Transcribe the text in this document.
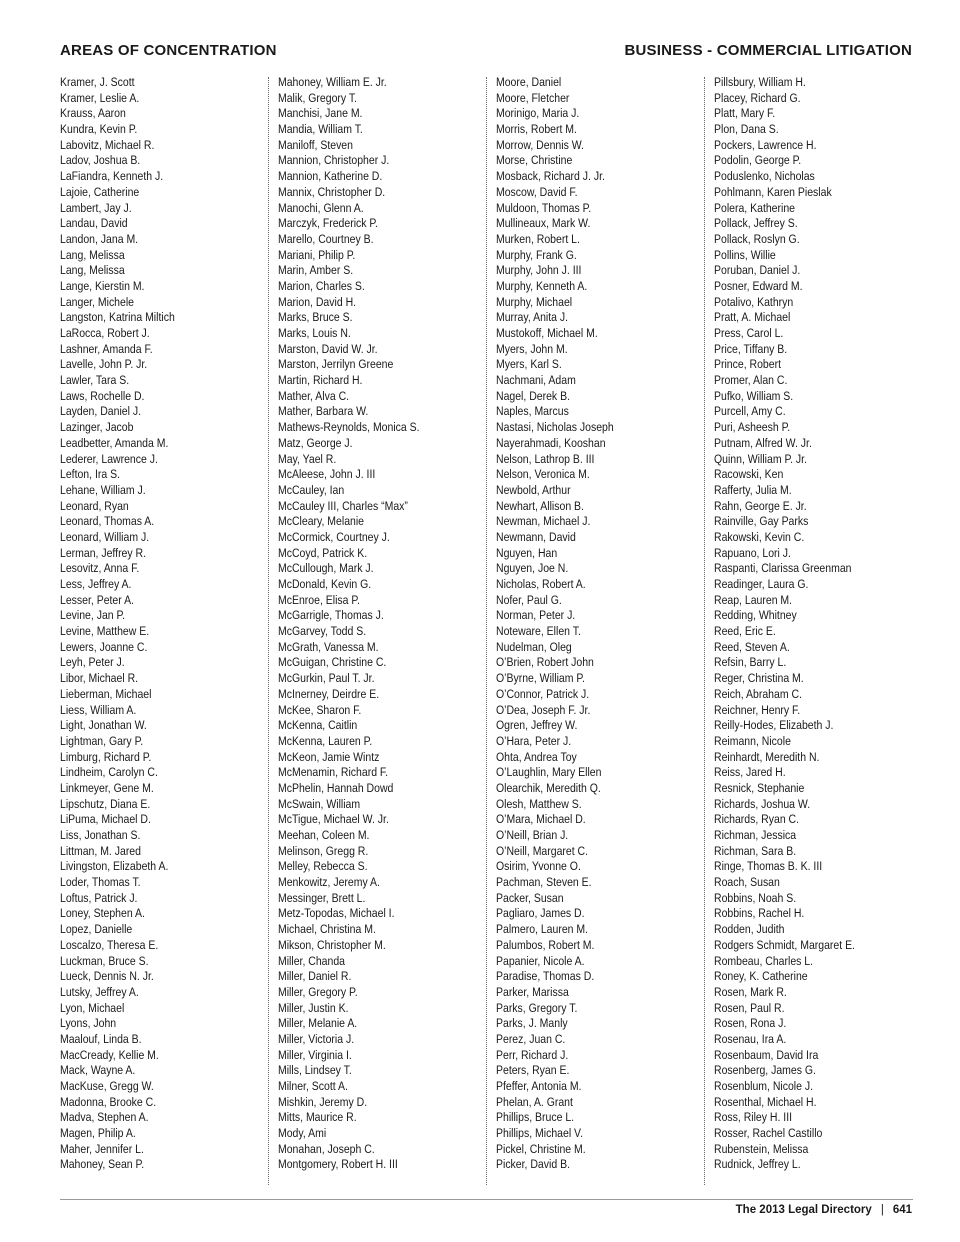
AREAS OF CONCENTRATION	BUSINESS - COMMERCIAL LITIGATION
Kramer, J. Scott
Kramer, Leslie A.
Krauss, Aaron
Kundra, Kevin P.
Labovitz, Michael R.
Ladov, Joshua B.
LaFiandra, Kenneth J.
Lajoie, Catherine
Lambert, Jay J.
Landau, David
Landon, Jana M.
Lang, Melissa
Lang, Melissa
Lange, Kierstin M.
Langer, Michele
Langston, Katrina Miltich
LaRocca, Robert J.
Lashner, Amanda F.
Lavelle, John P. Jr.
Lawler, Tara S.
Laws, Rochelle D.
Layden, Daniel J.
Lazinger, Jacob
Leadbetter, Amanda M.
Lederer, Lawrence J.
Lefton, Ira S.
Lehane, William J.
Leonard, Ryan
Leonard, Thomas A.
Leonard, William J.
Lerman, Jeffrey R.
Lesovitz, Anna F.
Less, Jeffrey A.
Lesser, Peter A.
Levine, Jan P.
Levine, Matthew E.
Lewers, Joanne C.
Leyh, Peter J.
Libor, Michael R.
Lieberman, Michael
Liess, William A.
Light, Jonathan W.
Lightman, Gary P.
Limburg, Richard P.
Lindheim, Carolyn C.
Linkmeyer, Gene M.
Lipschutz, Diana E.
LiPuma, Michael D.
Liss, Jonathan S.
Littman, M. Jared
Livingston, Elizabeth A.
Loder, Thomas T.
Loftus, Patrick J.
Loney, Stephen A.
Lopez, Danielle
Loscalzo, Theresa E.
Luckman, Bruce S.
Lueck, Dennis N. Jr.
Lutsky, Jeffrey A.
Lyon, Michael
Lyons, John
Maalouf, Linda B.
MacCready, Kellie M.
Mack, Wayne A.
MacKuse, Gregg W.
Madonna, Brooke C.
Madva, Stephen A.
Magen, Philip A.
Maher, Jennifer L.
Mahoney, Sean P.
Mahoney, William E. Jr.
Malik, Gregory T.
Manchisi, Jane M.
Mandia, William T.
Maniloff, Steven
Mannion, Christopher J.
Mannion, Katherine D.
Mannix, Christopher D.
Manochi, Glenn A.
Marczyk, Frederick P.
Marello, Courtney B.
Mariani, Philip P.
Marin, Amber S.
Marion, Charles S.
Marion, David H.
Marks, Bruce S.
Marks, Louis N.
Marston, David W. Jr.
Marston, Jerrilyn Greene
Martin, Richard H.
Mather, Alva C.
Mather, Barbara W.
Mathews-Reynolds, Monica S.
Matz, George J.
May, Yael R.
McAleese, John J. III
McCauley, Ian
McCauley III, Charles “Max”
McCleary, Melanie
McCormick, Courtney J.
McCoyd, Patrick K.
McCullough, Mark J.
McDonald, Kevin G.
McEnroe, Elisa P.
McGarrigle, Thomas J.
McGarvey, Todd S.
McGrath, Vanessa M.
McGuigan, Christine C.
McGurkin, Paul T. Jr.
McInerney, Deirdre E.
McKee, Sharon F.
McKenna, Caitlin
McKenna, Lauren P.
McKeon, Jamie Wintz
McMenamin, Richard F.
McPhelin, Hannah Dowd
McSwain, William
McTigue, Michael W. Jr.
Meehan, Coleen M.
Melinson, Gregg R.
Melley, Rebecca S.
Menkowitz, Jeremy A.
Messinger, Brett L.
Metz-Topodas, Michael I.
Michael, Christina M.
Mikson, Christopher M.
Miller, Chanda
Miller, Daniel R.
Miller, Gregory P.
Miller, Justin K.
Miller, Melanie A.
Miller, Victoria J.
Miller, Virginia I.
Mills, Lindsey T.
Milner, Scott A.
Mishkin, Jeremy D.
Mitts, Maurice R.
Mody, Ami
Monahan, Joseph C.
Montgomery, Robert H. III
Moore, Daniel
Moore, Fletcher
Morinigo, Maria J.
Morris, Robert M.
Morrow, Dennis W.
Morse, Christine
Mosback, Richard J. Jr.
Moscow, David F.
Muldoon, Thomas P.
Mullineaux, Mark W.
Murken, Robert L.
Murphy, Frank G.
Murphy, John J. III
Murphy, Kenneth A.
Murphy, Michael
Murray, Anita J.
Mustokoff, Michael M.
Myers, John M.
Myers, Karl S.
Nachmani, Adam
Nagel, Derek B.
Naples, Marcus
Nastasi, Nicholas Joseph
Nayerahmadi, Kooshan
Nelson, Lathrop B. III
Nelson, Veronica M.
Newbold, Arthur
Newhart, Allison B.
Newman, Michael J.
Newmann, David
Nguyen, Han
Nguyen, Joe N.
Nicholas, Robert A.
Nofer, Paul G.
Norman, Peter J.
Noteware, Ellen T.
Nudelman, Oleg
O’Brien, Robert John
O’Byrne, William P.
O’Connor, Patrick J.
O’Dea, Joseph F. Jr.
Ogren, Jeffrey W.
O’Hara, Peter J.
Ohta, Andrea Toy
O’Laughlin, Mary Ellen
Olearchik, Meredith Q.
Olesh, Matthew S.
O’Mara, Michael D.
O’Neill, Brian J.
O’Neill, Margaret C.
Osirim, Yvonne O.
Pachman, Steven E.
Packer, Susan
Pagliaro, James D.
Palmero, Lauren M.
Palumbos, Robert M.
Papanier, Nicole A.
Paradise, Thomas D.
Parker, Marissa
Parks, Gregory T.
Parks, J. Manly
Perez, Juan C.
Perr, Richard J.
Peters, Ryan E.
Pfeffer, Antonia M.
Phelan, A. Grant
Phillips, Bruce L.
Phillips, Michael V.
Pickel, Christine M.
Picker, David B.
Pillsbury, William H.
Placey, Richard G.
Platt, Mary F.
Plon, Dana S.
Pockers, Lawrence H.
Podolin, George P.
Poduslenko, Nicholas
Pohlmann, Karen Pieslak
Polera, Katherine
Pollack, Jeffrey S.
Pollack, Roslyn G.
Pollins, Willie
Poruban, Daniel J.
Posner, Edward M.
Potalivo, Kathryn
Pratt, A. Michael
Press, Carol L.
Price, Tiffany B.
Prince, Robert
Promer, Alan C.
Pufko, William S.
Purcell, Amy C.
Puri, Asheesh P.
Putnam, Alfred W. Jr.
Quinn, William P. Jr.
Racowski, Ken
Rafferty, Julia M.
Rahn, George E. Jr.
Rainville, Gay Parks
Rakowski, Kevin C.
Rapuano, Lori J.
Raspanti, Clarissa Greenman
Readinger, Laura G.
Reap, Lauren M.
Redding, Whitney
Reed, Eric E.
Reed, Steven A.
Refsin, Barry L.
Reger, Christina M.
Reich, Abraham C.
Reichner, Henry F.
Reilly-Hodes, Elizabeth J.
Reimann, Nicole
Reinhardt, Meredith N.
Reiss, Jared H.
Resnick, Stephanie
Richards, Joshua W.
Richards, Ryan C.
Richman, Jessica
Richman, Sara B.
Ringe, Thomas B. K. III
Roach, Susan
Robbins, Noah S.
Robbins, Rachel H.
Rodden, Judith
Rodgers Schmidt, Margaret E.
Rombeau, Charles L.
Roney, K. Catherine
Rosen, Mark R.
Rosen, Paul R.
Rosen, Rona J.
Rosenau, Ira A.
Rosenbaum, David Ira
Rosenberg, James G.
Rosenblum, Nicole J.
Rosenthal, Michael H.
Ross, Riley H. III
Rosser, Rachel Castillo
Rubenstein, Melissa
Rudnick, Jeffrey L.
The 2013 Legal Directory | 641
